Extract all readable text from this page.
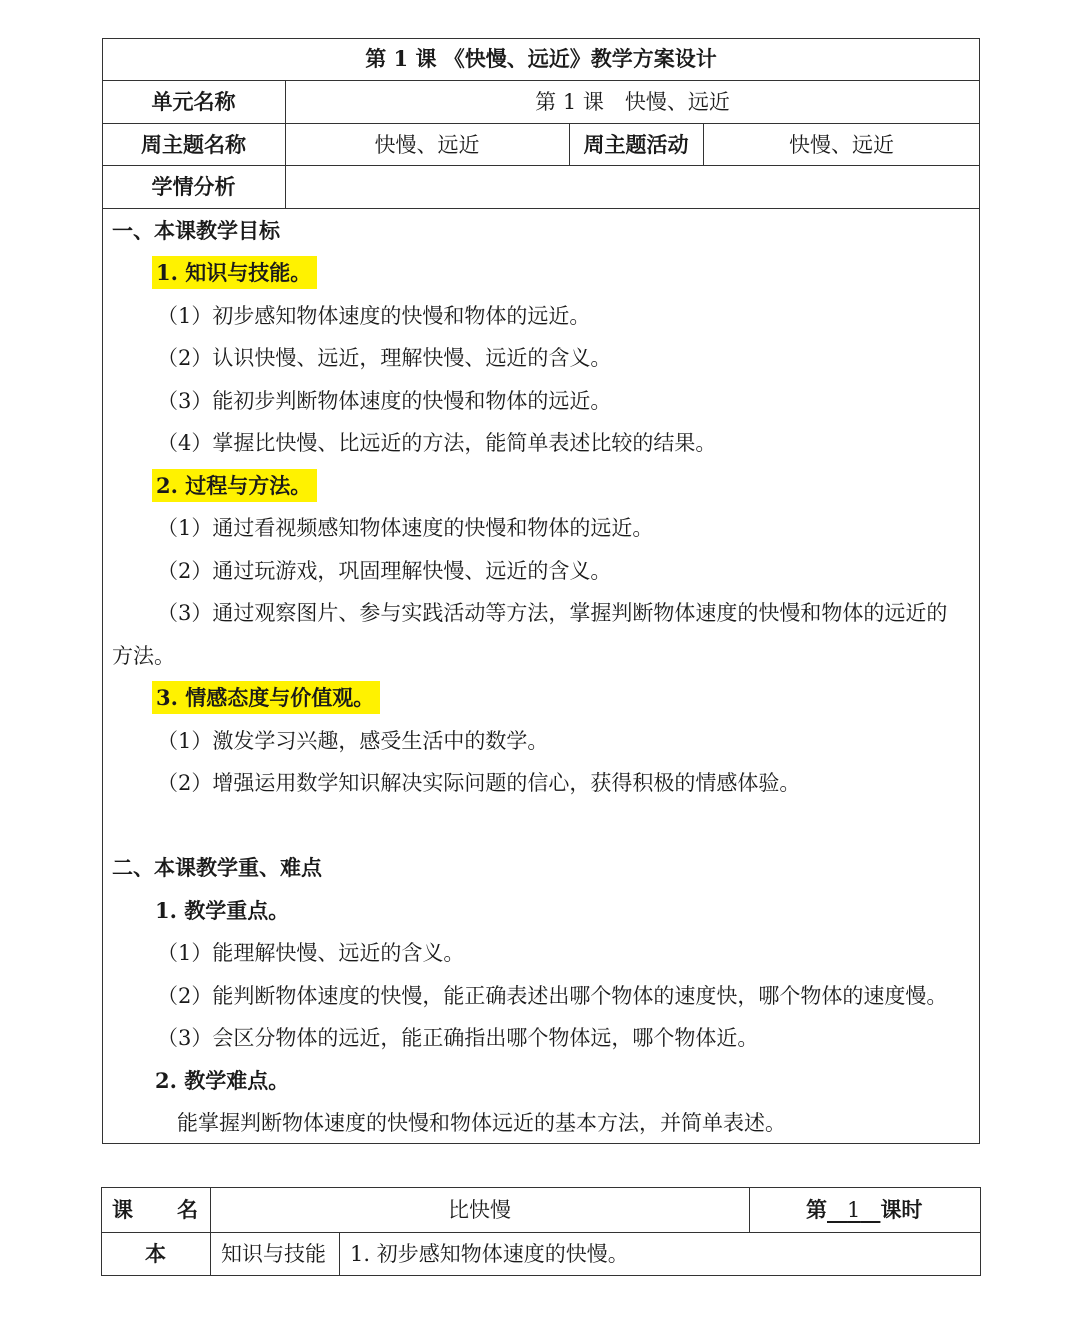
第 1 课 《快慢、远近》教学方案设计
单元名称	第 1 课　快慢、远近
周主题名称	快慢、远近	周主题活动	快慢、远近
学情分析
一、本课教学目标
1. 知识与技能。
（1）初步感知物体速度的快慢和物体的远近。
（2）认识快慢、远近，理解快慢、远近的含义。
（3）能初步判断物体速度的快慢和物体的远近。
（4）掌握比快慢、比远近的方法，能简单表述比较的结果。
2. 过程与方法。
（1）通过看视频感知物体速度的快慢和物体的远近。
（2）通过玩游戏，巩固理解快慢、远近的含义。
（3）通过观察图片、参与实践活动等方法，掌握判断物体速度的快慢和物体的远近的
方法。
3. 情感态度与价值观。
（1）激发学习兴趣，感受生活中的数学。
（2）增强运用数学知识解决实际问题的信心，获得积极的情感体验。
二、本课教学重、难点
1. 教学重点。
（1）能理解快慢、远近的含义。
（2）能判断物体速度的快慢，能正确表述出哪个物体的速度快，哪个物体的速度慢。
（3）会区分物体的远近，能正确指出哪个物体远，哪个物体近。
2. 教学难点。
能掌握判断物体速度的快慢和物体远近的基本方法，并简单表述。
课 名	比快慢	第 1 课时
本	知识与技能 1. 初步感知物体速度的快慢。
